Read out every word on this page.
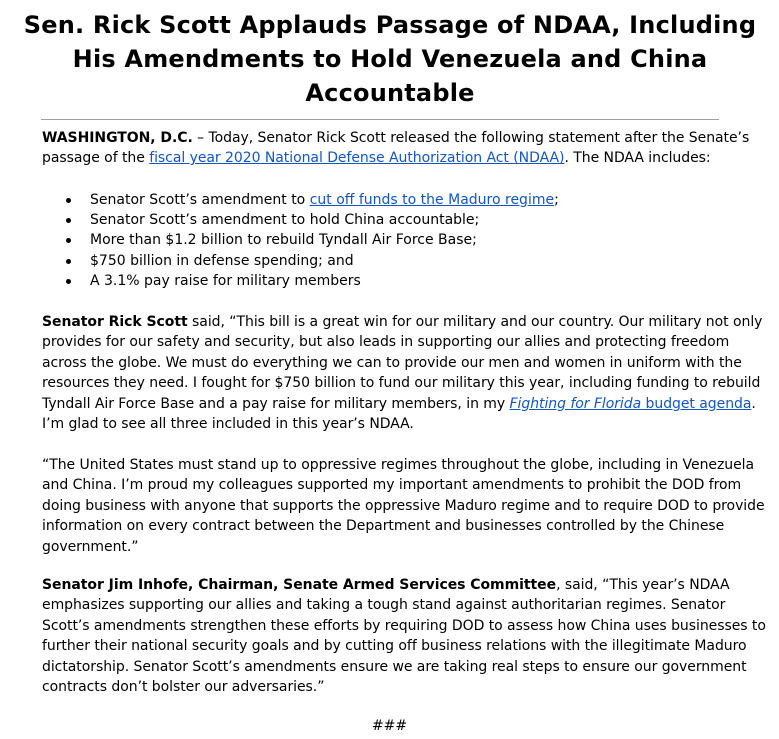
Sen. Rick Scott Applauds Passage of NDAA, Including His Amendments to Hold Venezuela and China Accountable

WASHINGTON, D.C. – Today, Senator Rick Scott released the following statement after the Senate’s passage of the fiscal year 2020 National Defense Authorization Act (NDAA). The NDAA includes:

Senator Scott’s amendment to cut off funds to the Maduro regime;
Senator Scott’s amendment to hold China accountable;
More than $1.2 billion to rebuild Tyndall Air Force Base;
$750 billion in defense spending; and
A 3.1% pay raise for military members

Senator Rick Scott said, “This bill is a great win for our military and our country. Our military not only provides for our safety and security, but also leads in supporting our allies and protecting freedom across the globe. We must do everything we can to provide our men and women in uniform with the resources they need. I fought for $750 billion to fund our military this year, including funding to rebuild Tyndall Air Force Base and a pay raise for military members, in my Fighting for Florida budget agenda. I’m glad to see all three included in this year’s NDAA.

“The United States must stand up to oppressive regimes throughout the globe, including in Venezuela and China. I’m proud my colleagues supported my important amendments to prohibit the DOD from doing business with anyone that supports the oppressive Maduro regime and to require DOD to provide information on every contract between the Department and businesses controlled by the Chinese government.”

Senator Jim Inhofe, Chairman, Senate Armed Services Committee, said, “This year’s NDAA emphasizes supporting our allies and taking a tough stand against authoritarian regimes. Senator Scott’s amendments strengthen these efforts by requiring DOD to assess how China uses businesses to further their national security goals and by cutting off business relations with the illegitimate Maduro dictatorship. Senator Scott’s amendments ensure we are taking real steps to ensure our government contracts don’t bolster our adversaries.”

###
